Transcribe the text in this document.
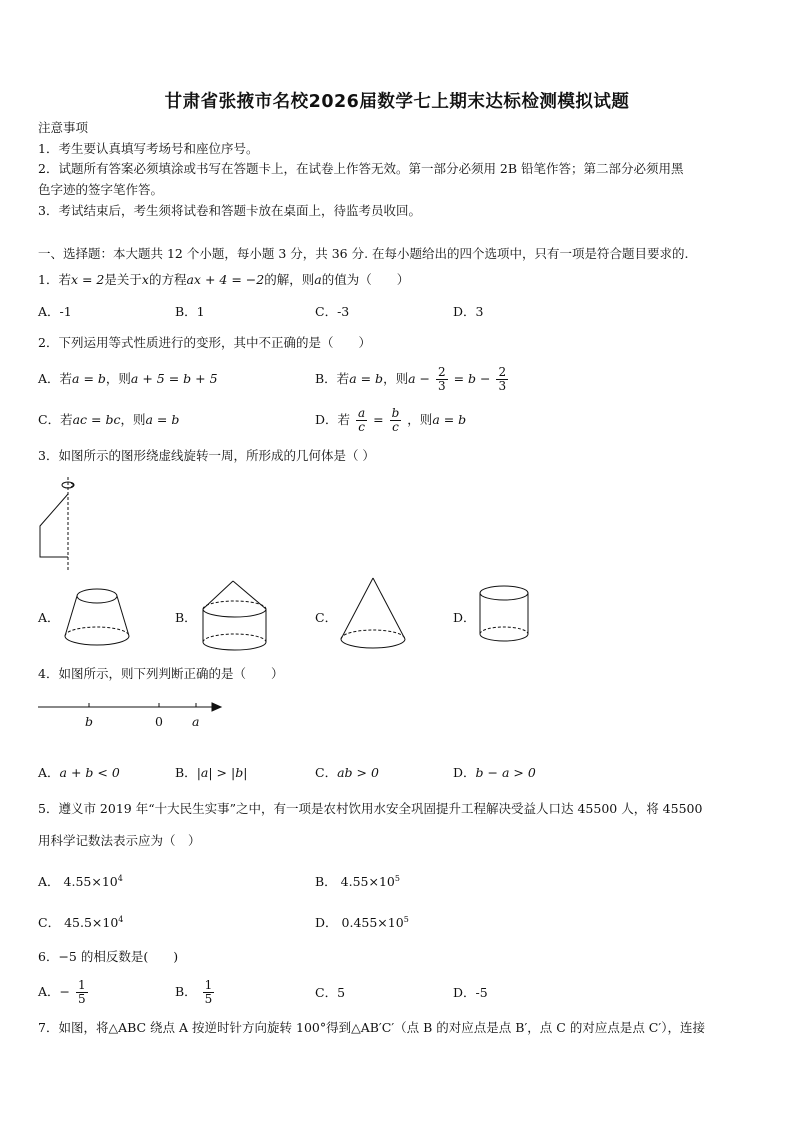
甘肃省张掖市名校2026届数学七上期末达标检测模拟试题
注意事项
1．考生要认真填写考场号和座位序号。
2．试题所有答案必须填涂或书写在答题卡上，在试卷上作答无效。第一部分必须用 2B 铅笔作答；第二部分必须用黑
色字迹的签字笔作答。
3．考试结束后，考生须将试卷和答题卡放在桌面上，待监考员收回。
一、选择题：本大题共 12 个小题，每小题 3 分，共 36 分. 在每小题给出的四个选项中，只有一项是符合题目要求的.
1．若x = 2是关于x的方程ax + 4 = −2的解，则a的值为（　　）
A．-1	B．1	C．-3	D．3
2．下列运用等式性质进行的变形，其中不正确的是（　　）
A．若a = b，则a + 5 = b + 5	B．若a = b，则$a - \frac{2}{3} = b - \frac{2}{3}$
C．若ac = bc，则a = b	D．若 $\frac{a}{c} = \frac{b}{c}$ ，则a = b
3．如图所示的图形绕虚线旋转一周，所形成的几何体是（ ）
A．	B．	C．	D．
4．如图所示，则下列判断正确的是（　　）
b	0 a
A．a + b < 0	B．|a| > |b|	C．ab > 0	D．b − a > 0
5．遵义市 2019 年“十大民生实事”之中，有一项是农村饮用水安全巩固提升工程解决受益人口达 45500 人，将 45500
用科学记数法表示应为（　）
A． $4.55\times 10^4$	B． $4.55\times 10^5$
C． $45.5\times 10^4$	D． $0.455\times 10^5$
6．−5 的相反数是(　　)
A．− $\frac{1}{5}$	B． $\frac{1}{5}$	C．5	D．-5
7．如图，将△ABC 绕点 A 按逆时针方向旋转 100°得到△AB′C′（点 B 的对应点是点 B′，点 C 的对应点是点 C′），连接
